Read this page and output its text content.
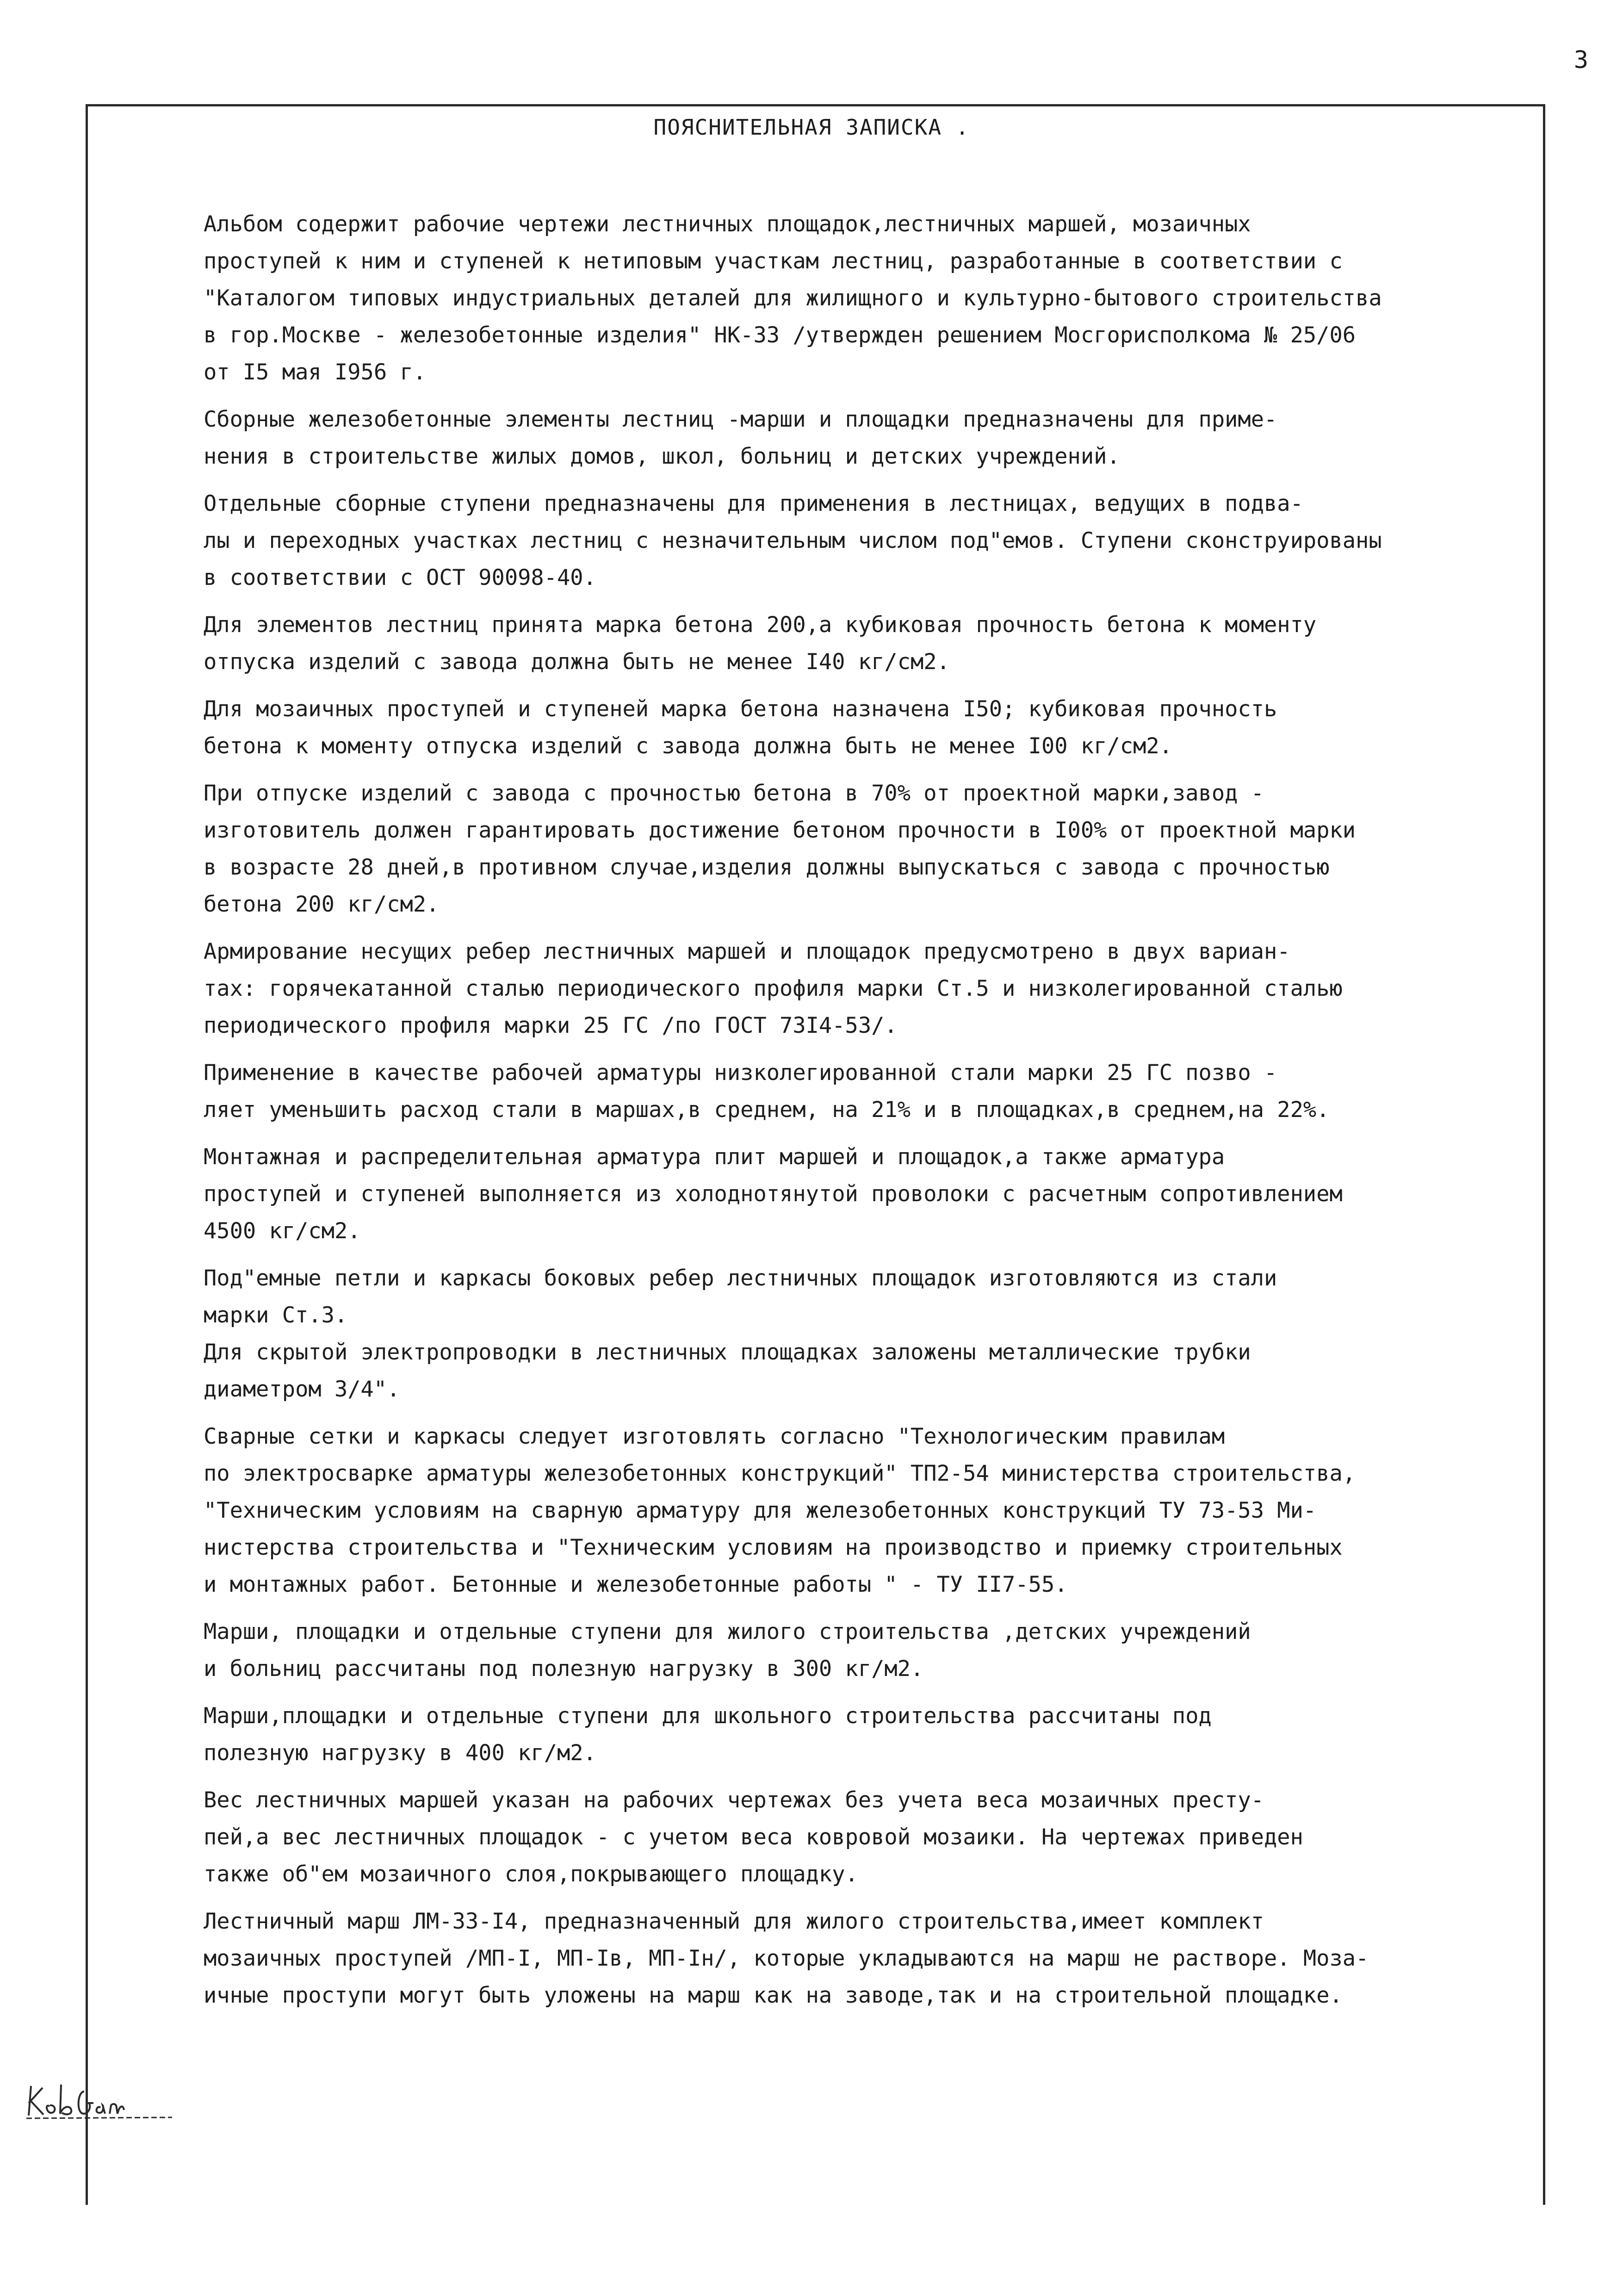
3
ПОЯСНИТЕЛЬНАЯ ЗАПИСКА .

Альбом содержит рабочие чертежи лестничных площадок,лестничных маршей, мозаичных
проступей к ним и ступеней к нетиповым участкам лестниц, разработанные в соответствии с
"Каталогом типовых индустриальных деталей для жилищного и культурно-бытового строительства
в гор.Москве - железобетонные изделия" НК-33 /утвержден решением Мосгорисполкома № 25/06
от I5 мая I956 г.

Сборные железобетонные элементы лестниц -марши и площадки предназначены для приме-
нения в строительстве жилых домов, школ, больниц и детских учреждений.

Отдельные сборные ступени предназначены для применения в лестницах, ведущих в подва-
лы и переходных участках лестниц с незначительным числом под"емов. Ступени сконструированы
в соответствии с ОСТ 90098-40.

Для элементов лестниц принята марка бетона 200,а кубиковая прочность бетона к моменту
отпуска изделий с завода должна быть не менее I40 кг/см2.

Для мозаичных проступей и ступеней марка бетона назначена I50; кубиковая прочность
бетона к моменту отпуска изделий с завода должна быть не менее I00 кг/см2.

При отпуске изделий с завода с прочностью бетона в 70% от проектной марки,завод -
изготовитель должен гарантировать достижение бетоном прочности в I00% от проектной марки
в возрасте 28 дней,в противном случае,изделия должны выпускаться с завода с прочностью
бетона 200 кг/см2.

Армирование несущих ребер лестничных маршей и площадок предусмотрено в двух вариан-
тах: горячекатанной сталью периодического профиля марки Ст.5 и низколегированной сталью
периодического профиля марки 25 ГС /по ГОСТ 73I4-53/.

Применение в качестве рабочей арматуры низколегированной стали марки 25 ГС позво -
ляет уменьшить расход стали в маршах,в среднем, на 21% и в площадках,в среднем,на 22%.

Монтажная и распределительная арматура плит маршей и площадок,а также арматура
проступей и ступеней выполняется из холоднотянутой проволоки с расчетным сопротивлением
4500 кг/см2.

Под"емные петли и каркасы боковых ребер лестничных площадок изготовляются из стали
марки Ст.3.
Для скрытой электропроводки в лестничных площадках заложены металлические трубки
диаметром 3/4".

Сварные сетки и каркасы следует изготовлять согласно "Технологическим правилам
по электросварке арматуры железобетонных конструкций" ТП2-54 министерства строительства,
"Техническим условиям на сварную арматуру для железобетонных конструкций ТУ 73-53 Ми-
нистерства строительства и "Техническим условиям на производство и приемку строительных
и монтажных работ. Бетонные и железобетонные работы " - ТУ II7-55.

Марши, площадки и отдельные ступени для жилого строительства ,детских учреждений
и больниц рассчитаны под полезную нагрузку в 300 кг/м2.

Марши,площадки и отдельные ступени для школьного строительства рассчитаны под
полезную нагрузку в 400 кг/м2.

Вес лестничных маршей указан на рабочих чертежах без учета веса мозаичных престу-
пей,а вес лестничных площадок - с учетом веса ковровой мозаики. На чертежах приведен
также об"ем мозаичного слоя,покрывающего площадку.

Лестничный марш ЛМ-33-I4, предназначенный для жилого строительства,имеет комплект
мозаичных проступей /МП-I, МП-Iв, МП-Iн/, которые укладываются на марш не растворе. Моза-
ичные проступи могут быть уложены на марш как на заводе,так и на строительной площадке.
